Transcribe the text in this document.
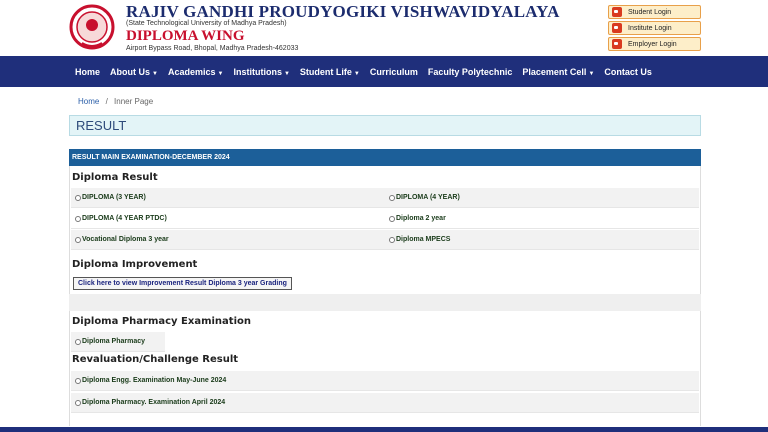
RAJIV GANDHI PROUDYOGIKI VISHWAVIDYALAYA
(State Technological University of Madhya Pradesh)
DIPLOMA WING
Airport Bypass Road, Bhopal, Madhya Pradesh-462033
Student Login
Institute Login
Employer Login
Home About Us ▼ Academics ▼ Institutions ▼ Student Life ▼ Curriculum Faculty Polytechnic Placement Cell ▼ Contact Us
Home / Inner Page
RESULT
RESULT MAIN EXAMINATION-DECEMBER 2024
Diploma Result
DIPLOMA (3 YEAR)	DIPLOMA (4 YEAR)
DIPLOMA (4 YEAR PTDC)	Diploma 2 year
Vocational Diploma 3 year	Diploma MPECS
Diploma Improvement
Click here to view Improvement Result Diploma 3 year Grading
Diploma Pharmacy Examination
Diploma Pharmacy
Revaluation/Challenge Result
Diploma Engg. Examination May-June 2024
Diploma Pharmacy. Examination April 2024
